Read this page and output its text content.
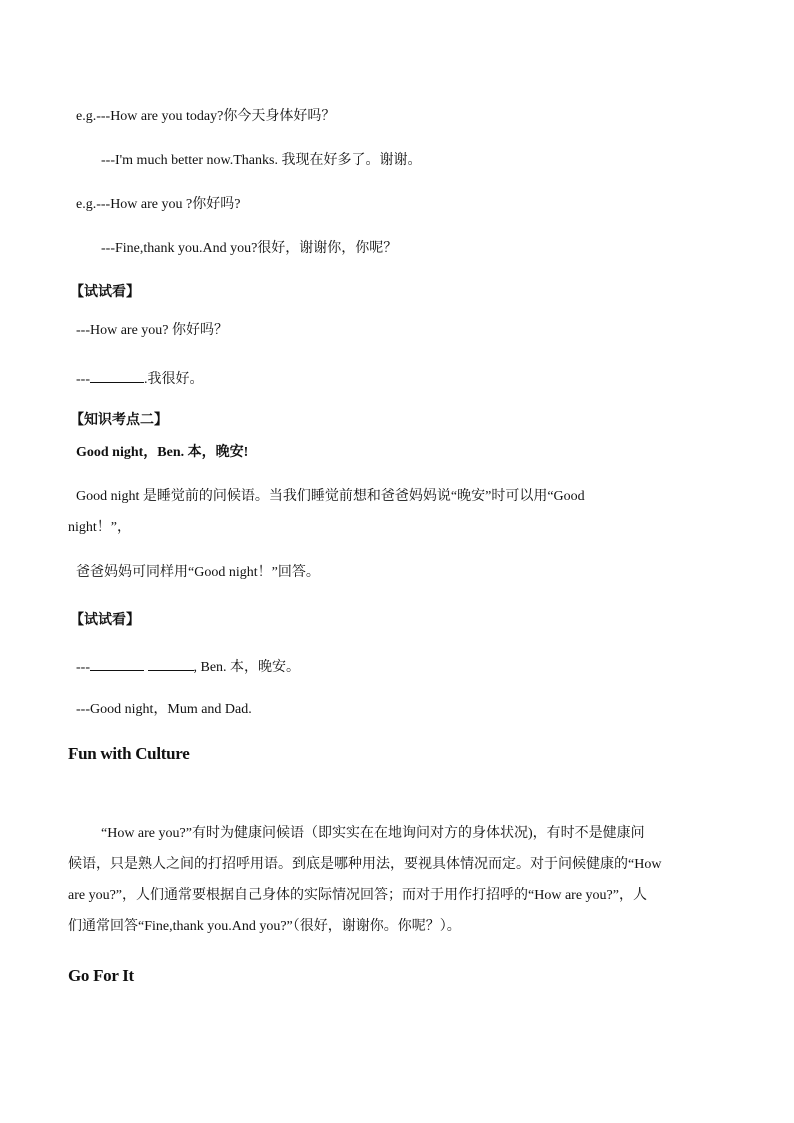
e.g.---How are you today?你今天身体好吗？
---I'm much better now.Thanks. 我现在好多了。谢谢。
e.g.---How are you ?你好吗?
---Fine,thank you.And you?很好，谢谢你，你呢？
【试试看】
---How are you? 你好吗？
---	.我很好。
【知识考点二】
Good night，Ben. 本，晚安!
Good night 是睡觉前的问候语。当我们睡觉前想和爸爸妈妈说“晚安”时可以用“Good
night！”，
爸爸妈妈可同样用“Good night！”回答。
【试试看】
---	, Ben. 本，晚安。
---Good night，Mum and Dad.
Fun with Culture
“How are you?”有时为健康问候语（即实实在在地询问对方的身体状况)，有时不是健康问
候语，只是熟人之间的打招呼用语。到底是哪种用法，要视具体情况而定。对于问候健康的“How
are you?”，人们通常要根据自己身体的实际情况回答；而对于用作打招呼的“How are you?”，人
们通常回答“Fine,thank you.And you?”（很好，谢谢你。你呢？）。
Go For It
